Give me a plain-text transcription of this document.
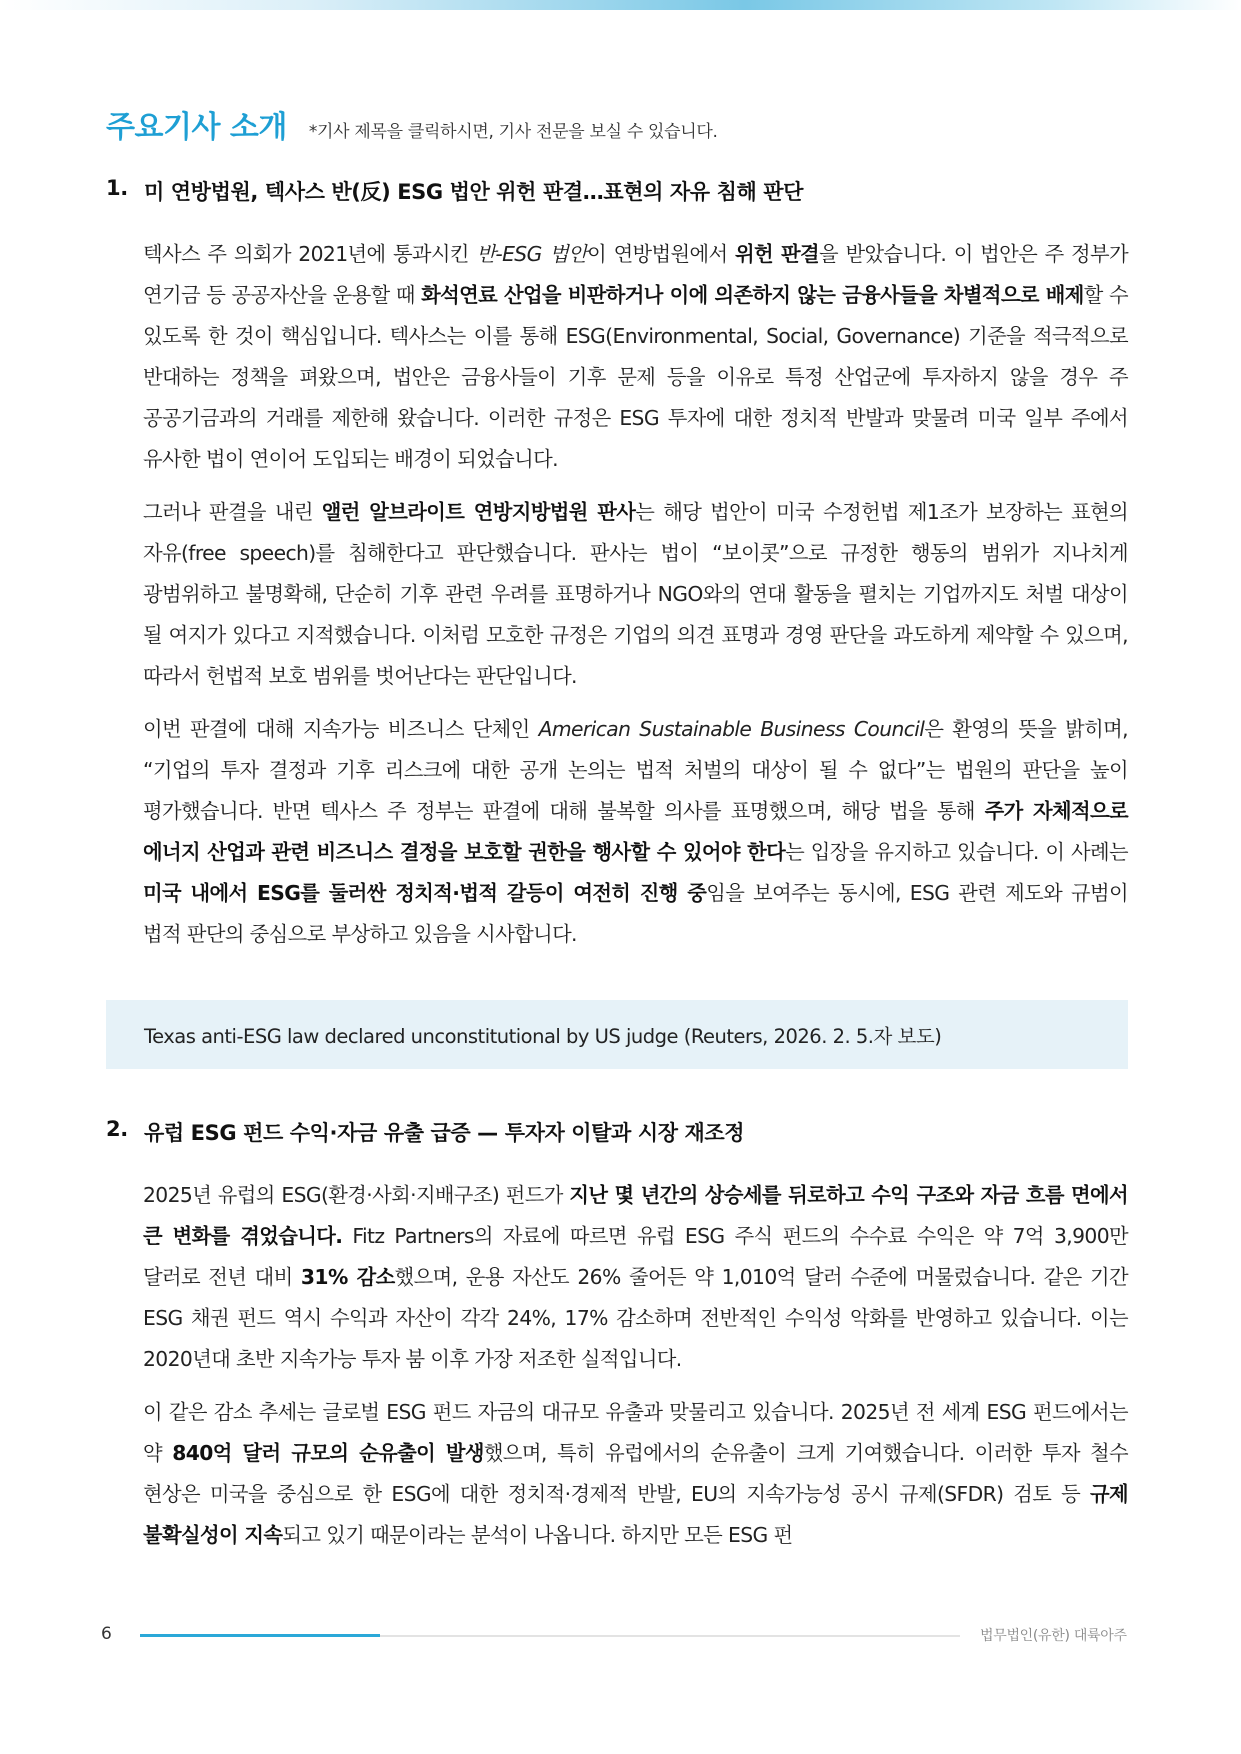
주요기사 소개 *기사 제목을 클릭하시면, 기사 전문을 보실 수 있습니다.
1. 미 연방법원, 텍사스 반(反) ESG 법안 위헌 판결…표현의 자유 침해 판단

텍사스 주 의회가 2021년에 통과시킨 반-ESG 법안이 연방법원에서 위헌 판결을 받았습니다. 이 법안은 주 정부가 연기금 등 공공자산을 운용할 때 화석연료 산업을 비판하거나 이에 의존하지 않는 금융사들을 차별적으로 배제할 수 있도록 한 것이 핵심입니다. 텍사스는 이를 통해 ESG(Environmental, Social, Governance) 기준을 적극적으로 반대하는 정책을 펴왔으며, 법안은 금융사들이 기후 문제 등을 이유로 특정 산업군에 투자하지 않을 경우 주 공공기금과의 거래를 제한해 왔습니다. 이러한 규정은 ESG 투자에 대한 정치적 반발과 맞물려 미국 일부 주에서 유사한 법이 연이어 도입되는 배경이 되었습니다.

그러나 판결을 내린 앨런 알브라이트 연방지방법원 판사는 해당 법안이 미국 수정헌법 제1조가 보장하는 표현의 자유(free speech)를 침해한다고 판단했습니다. 판사는 법이 “보이콧”으로 규정한 행동의 범위가 지나치게 광범위하고 불명확해, 단순히 기후 관련 우려를 표명하거나 NGO와의 연대 활동을 펼치는 기업까지도 처벌 대상이 될 여지가 있다고 지적했습니다. 이처럼 모호한 규정은 기업의 의견 표명과 경영 판단을 과도하게 제약할 수 있으며, 따라서 헌법적 보호 범위를 벗어난다는 판단입니다.

이번 판결에 대해 지속가능 비즈니스 단체인 American Sustainable Business Council은 환영의 뜻을 밝히며, “기업의 투자 결정과 기후 리스크에 대한 공개 논의는 법적 처벌의 대상이 될 수 없다”는 법원의 판단을 높이 평가했습니다. 반면 텍사스 주 정부는 판결에 대해 불복할 의사를 표명했으며, 해당 법을 통해 주가 자체적으로 에너지 산업과 관련 비즈니스 결정을 보호할 권한을 행사할 수 있어야 한다는 입장을 유지하고 있습니다. 이 사례는 미국 내에서 ESG를 둘러싼 정치적·법적 갈등이 여전히 진행 중임을 보여주는 동시에, ESG 관련 제도와 규범이 법적 판단의 중심으로 부상하고 있음을 시사합니다.

Texas anti-ESG law declared unconstitutional by US judge (Reuters, 2026. 2. 5.자 보도)
2. 유럽 ESG 펀드 수익·자금 유출 급증 — 투자자 이탈과 시장 재조정

2025년 유럽의 ESG(환경·사회·지배구조) 펀드가 지난 몇 년간의 상승세를 뒤로하고 수익 구조와 자금 흐름 면에서 큰 변화를 겪었습니다. Fitz Partners의 자료에 따르면 유럽 ESG 주식 펀드의 수수료 수익은 약 7억 3,900만 달러로 전년 대비 31% 감소했으며, 운용 자산도 26% 줄어든 약 1,010억 달러 수준에 머물렀습니다. 같은 기간 ESG 채권 펀드 역시 수익과 자산이 각각 24%, 17% 감소하며 전반적인 수익성 악화를 반영하고 있습니다. 이는 2020년대 초반 지속가능 투자 붐 이후 가장 저조한 실적입니다.

이 같은 감소 추세는 글로벌 ESG 펀드 자금의 대규모 유출과 맞물리고 있습니다. 2025년 전 세계 ESG 펀드에서는 약 840억 달러 규모의 순유출이 발생했으며, 특히 유럽에서의 순유출이 크게 기여했습니다. 이러한 투자 철수 현상은 미국을 중심으로 한 ESG에 대한 정치적·경제적 반발, EU의 지속가능성 공시 규제(SFDR) 검토 등 규제 불확실성이 지속되고 있기 때문이라는 분석이 나옵니다. 하지만 모든 ESG 펀

6	법무법인(유한) 대륙아주
